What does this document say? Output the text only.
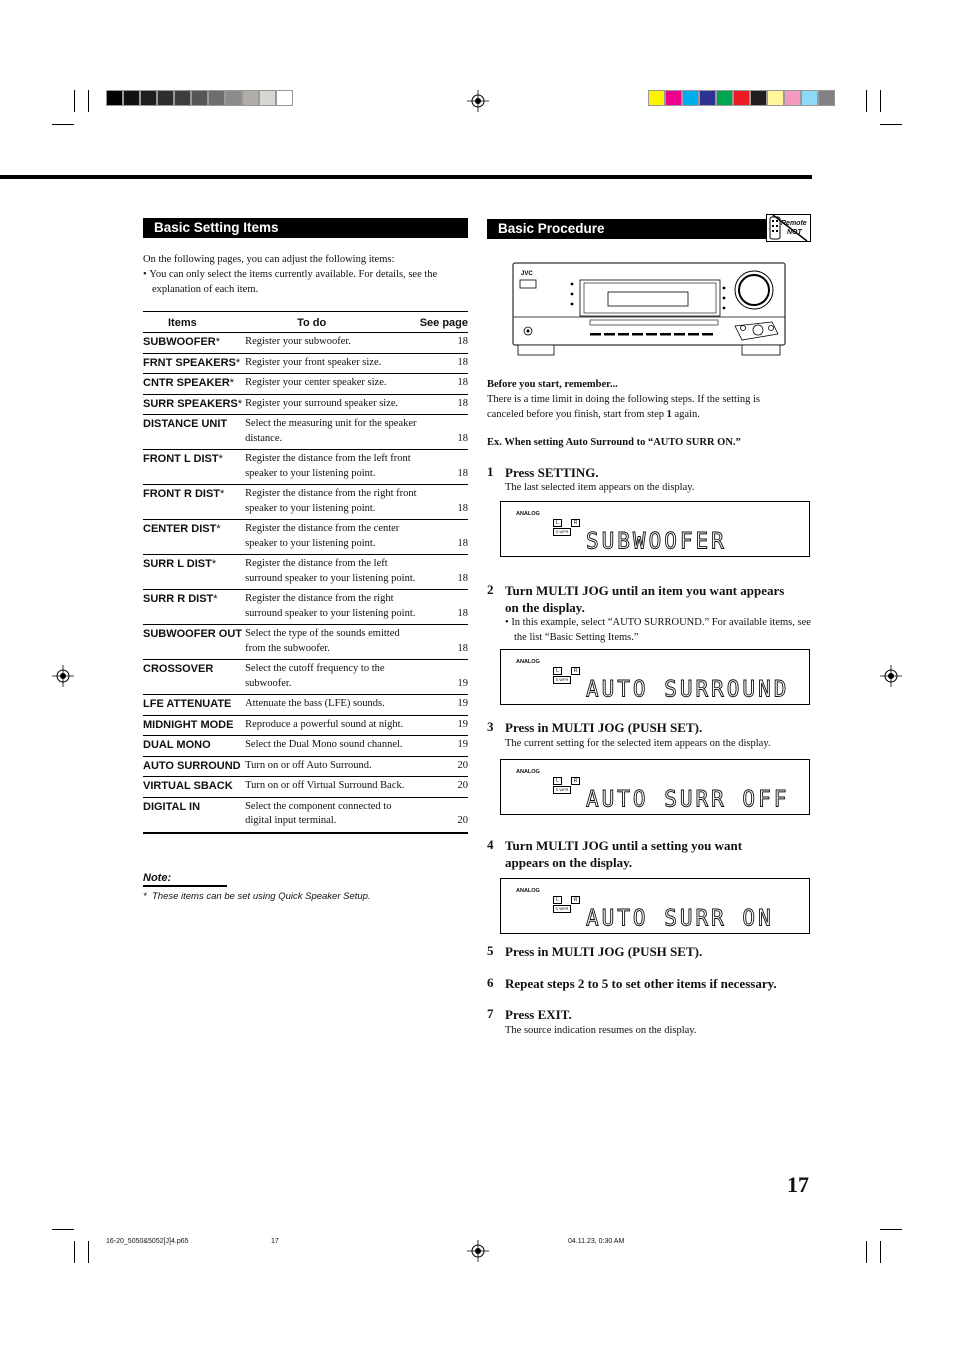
Basic Setting Items
On the following pages, you can adjust the following items:
• You can only select the items currently available. For details, see the explanation of each item.
Items	To do	See page
SUBWOOFER*	Register your subwoofer.	18
FRNT SPEAKERS*	Register your front speaker size.	18
CNTR SPEAKER*	Register your center speaker size.	18
SURR SPEAKERS*	Register your surround speaker size.	18
DISTANCE UNIT	Select the measuring unit for the speaker distance.	18
FRONT L DIST*	Register the distance from the left front speaker to your listening point.	18
FRONT R DIST*	Register the distance from the right front speaker to your listening point.	18
CENTER DIST*	Register the distance from the center speaker to your listening point.	18
SURR L DIST*	Register the distance from the left surround speaker to your listening point.	18
SURR R DIST*	Register the distance from the right surround speaker to your listening point.	18
SUBWOOFER OUT	Select the type of the sounds emitted from the subwoofer.	18
CROSSOVER	Select the cutoff frequency to the subwoofer.	19
LFE ATTENUATE	Attenuate the bass (LFE) sounds.	19
MIDNIGHT MODE	Reproduce a powerful sound at night.	19
DUAL MONO	Select the Dual Mono sound channel.	19
AUTO SURROUND	Turn on or off Auto Surround.	20
VIRTUAL SBACK	Turn on or off Virtual Surround Back.	20
DIGITAL IN	Select the component connected to digital input terminal.	20
Note:
* These items can be set using Quick Speaker Setup.
Basic Procedure	Remote
NOT
JVC
Before you start, remember...
There is a time limit in doing the following steps. If the setting is canceled before you finish, start from step 1 again.
Ex. When setting Auto Surround to “AUTO SURR ON.”
1 Press SETTING.
The last selected item appears on the display.
ANALOG
L	R
S.WFR SUBWOOFER
2 Turn MULTI JOG until an item you want appears on the display.
• In this example, select “AUTO SURROUND.” For available items, see the list “Basic Setting Items.”
ANALOG
L	R
S.WFR AUTO SURROUND
3 Press in MULTI JOG (PUSH SET).
The current setting for the selected item appears on the display.
ANALOG
L	R
S.WFR AUTO SURR OFF
4 Turn MULTI JOG until a setting you want appears on the display.
ANALOG
L	R
S.WFR AUTO SURR ON
5 Press in MULTI JOG (PUSH SET).
6 Repeat steps 2 to 5 to set other items if necessary.
7 Press EXIT.
The source indication resumes on the display.
17
16-20_5050&5052[J]4.p65	17	04.11.23, 0:30 AM
